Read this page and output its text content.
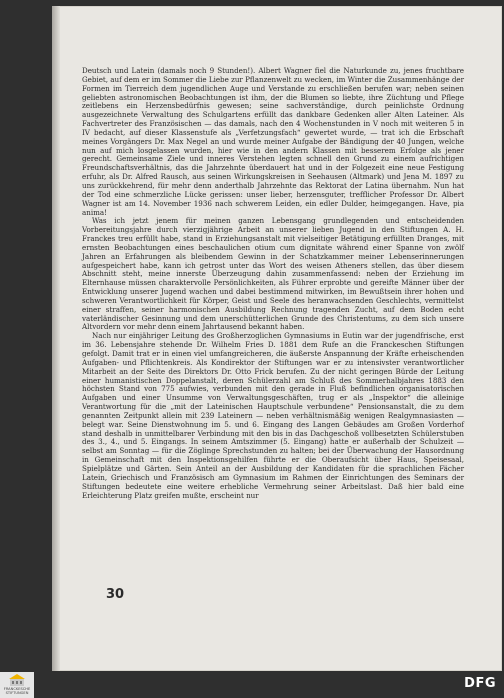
Deutsch und Latein (damals noch 9 Stunden!). Albert Wagner fiel die Naturkunde zu, jenes fruchtbare Gebiet, auf dem er im Sommer die Liebe zur Pflanzenwelt zu wecken, im Winter die Zusammenhänge der Formen im Tierreich dem jugendlichen Auge und Verstande zu erschließen berufen war; neben seinen geliebten astronomischen Beobachtungen ist ihm, der die Blumen so liebte, ihre Züchtung und Pflege zeitlebens ein Herzensbedürfnis gewesen; seine sachverständige, durch peinlichste Ordnung ausgezeichnete Verwaltung des Schulgartens erfüllt das dankbare Gedenken aller Alten Lateiner. Als Fachvertreter des Französischen — das damals, nach den 4 Wochenstunden in V noch mit weiteren 5 in IV bedacht, auf dieser Klassenstufe als „Verfetzungsfach“ gewertet wurde, — trat ich die Erbschaft meines Vorgängers Dr. Max Negel an und wurde meiner Aufgabe der Bändigung der 40 Jungen, welche nun auf mich losgelassen wurden, hier wie in den andern Klassen mit besserem Erfolge als jener gerecht. Gemeinsame Ziele und inneres Verstehen legten schnell den Grund zu einem aufrichtigen Freundschaftsverhältnis, das die Jahrzehnte überdauert hat und in der Folgezeit eine neue Festigung erfuhr, als Dr. Alfred Rausch, aus seinen Wirkungskreisen in Seehausen (Altmark) und Jena M. 1897 zu uns zurückkehrend, für mehr denn anderthalb Jahrzehnte das Rektorat der Latina übernahm. Nun hat der Tod eine schmerzliche Lücke gerissen: unser lieber, herzensguter, trefflicher Professor Dr. Albert Wagner ist am 14. November 1936 nach schwerem Leiden, ein edler Dulder, heimgegangen. Have, pia anima!

Was ich jetzt jenem für meinen ganzen Lebensgang grundlegenden und entscheidenden Vorbereitungsjahre durch vierzigjährige Arbeit an unserer lieben Jugend in den Stiftungen A. H. Franckes treu erfüllt habe, stand in Erziehungsanstalt mit vielseitiger Betätigung erfüllten Dranges, mit ernsten Beobachtungen eines beschaulichen otium cum dignitate während einer Spanne von zwölf Jahren an Erfahrungen als bleibendem Gewinn in der Schatzkammer meiner Lebenserinnerungen aufgespeichert habe, kann ich getrost unter das Wort des weisen Atheners stellen, das über diesem Abschnitt steht, meine innerste Überzeugung dahin zusammenfassend: neben der Erziehung im Elternhause müssen charaktervolle Persönlichkeiten, als Führer erprobte und gereifte Männer über der Entwicklung unserer Jugend wachen und dabei bestimmend mitwirken, im Bewußtsein ihrer hohen und schweren Verantwortlichkeit für Körper, Geist und Seele des heranwachsenden Geschlechts, vermittelst einer straffen, seiner harmonischen Ausbildung Rechnung tragenden Zucht, auf dem Boden echt vaterländischer Gesinnung und dem unerschütterlichen Grunde des Christentums, zu dem sich unsere Altvordern vor mehr denn einem Jahrtausend bekannt haben.

Nach nur einjähriger Leitung des Großherzoglichen Gymnasiums in Eutin war der jugendfrische, erst im 36. Lebensjahre stehende Dr. Wilhelm Fries D. 1881 dem Rufe an die Franckeschen Stiftungen gefolgt. Damit trat er in einen viel umfangreicheren, die äußerste Anspannung der Kräfte erheischenden Aufgaben- und Pflichtenkreis. Als Kondirektor der Stiftungen war er zu intensivster verantwortlicher Mitarbeit an der Seite des Direktors Dr. Otto Frick berufen. Zu der nicht geringen Bürde der Leitung einer humanistischen Doppelanstalt, deren Schülerzahl am Schluß des Sommerhalbjahres 1883 den höchsten Stand von 775 aufwies, verbunden mit den gerade in Fluß befindlichen organisatorischen Aufgaben und einer Unsumme von Verwaltungsgeschäften, trug er als „Inspektor“ die alleinige Verantwortung für die „mit der Lateinischen Hauptschule verbundene“ Pensionsanstalt, die zu dem genannten Zeitpunkt allein mit 239 Lateinern — neben verhältnismäßig wenigen Realgymnasiasten — belegt war. Seine Dienstwohnung im 5. und 6. Eingang des Langen Gebäudes am Großen Vorderhof stand deshalb in unmittelbarer Verbindung mit den bis in das Dachgeschoß vollbesetzten Schülerstuben des 3., 4., und 5. Eingangs. In seinem Amtszimmer (5. Eingang) hatte er außerhalb der Schulzeit — selbst am Sonntag — für die Zöglinge Sprechstunden zu halten; bei der Überwachung der Hausordnung in Gemeinschaft mit den Inspektionsgehilfen führte er die Oberaufsicht über Haus, Speisesaal, Spielplätze und Gärten. Sein Anteil an der Ausbildung der Kandidaten für die sprachlichen Fächer Latein, Griechisch und Französisch am Gymnasium im Rahmen der Einrichtungen des Seminars der Stiftungen bedeutete eine weitere erhebliche Vermehrung seiner Arbeitslast. Daß hier bald eine Erleichterung Platz greifen mußte, erscheint nur

30
FRANCKESCHE STIFTUNGEN
DFG
